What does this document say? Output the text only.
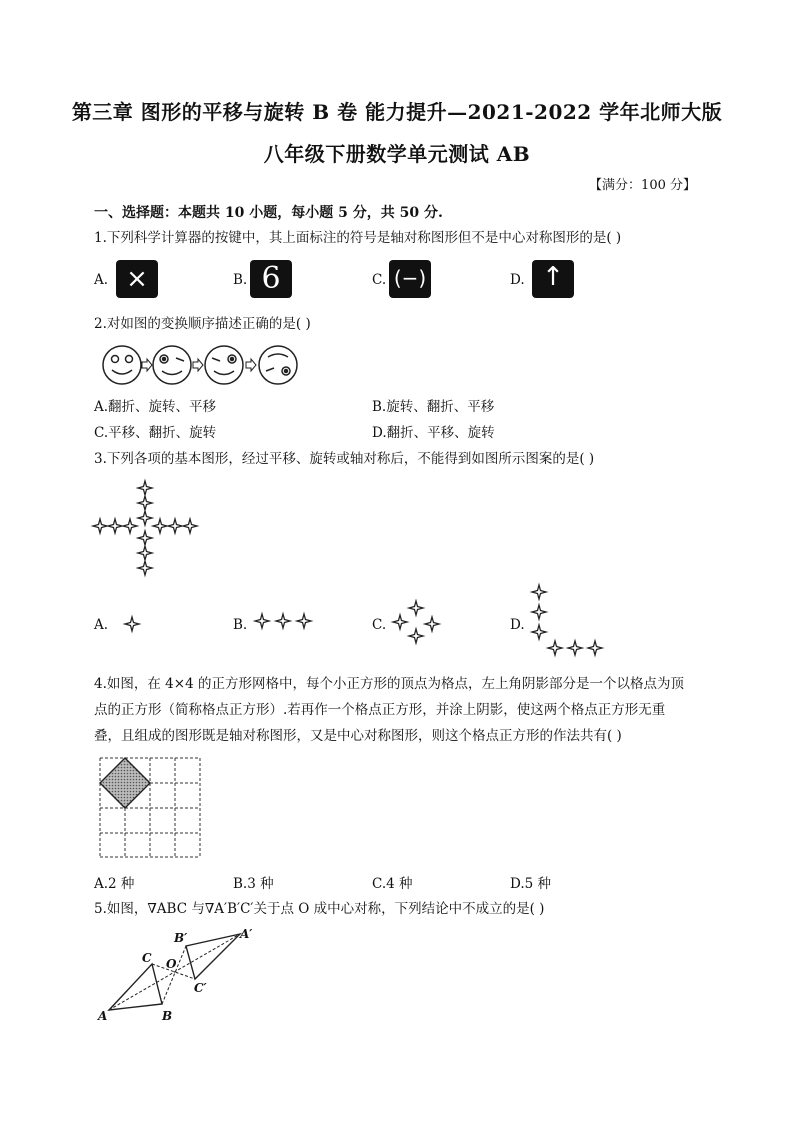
第三章 图形的平移与旋转 B 卷 能力提升—2021-2022 学年北师大版
八年级下册数学单元测试 AB
【满分：100 分】
一、选择题：本题共 10 小题，每小题 5 分，共 50 分.
1.下列科学计算器的按键中，其上面标注的符号是轴对称图形但不是中心对称图形的是( )
A. ×	B. 6	C. (−)	D. ↑
2.对如图的变换顺序描述正确的是( )
A.翻折、旋转、平移	B.旋转、翻折、平移
C.平移、翻折、旋转	D.翻折、平移、旋转
3.下列各项的基本图形，经过平移、旋转或轴对称后，不能得到如图所示图案的是( )
A.	B.	C.	D.
4.如图，在 4×4 的正方形网格中，每个小正方形的顶点为格点，左上角阴影部分是一个以格点为顶
点的正方形（简称格点正方形）.若再作一个格点正方形，并涂上阴影，使这两个格点正方形无重
叠，且组成的图形既是轴对称图形，又是中心对称图形，则这个格点正方形的作法共有( )
A.2 种	B.3 种	C.4 种	D.5 种
5.如图，∇ABC 与∇A′B′C′关于点 O 成中心对称，下列结论中不成立的是( )
A	B
C O
A′
B′
C′
